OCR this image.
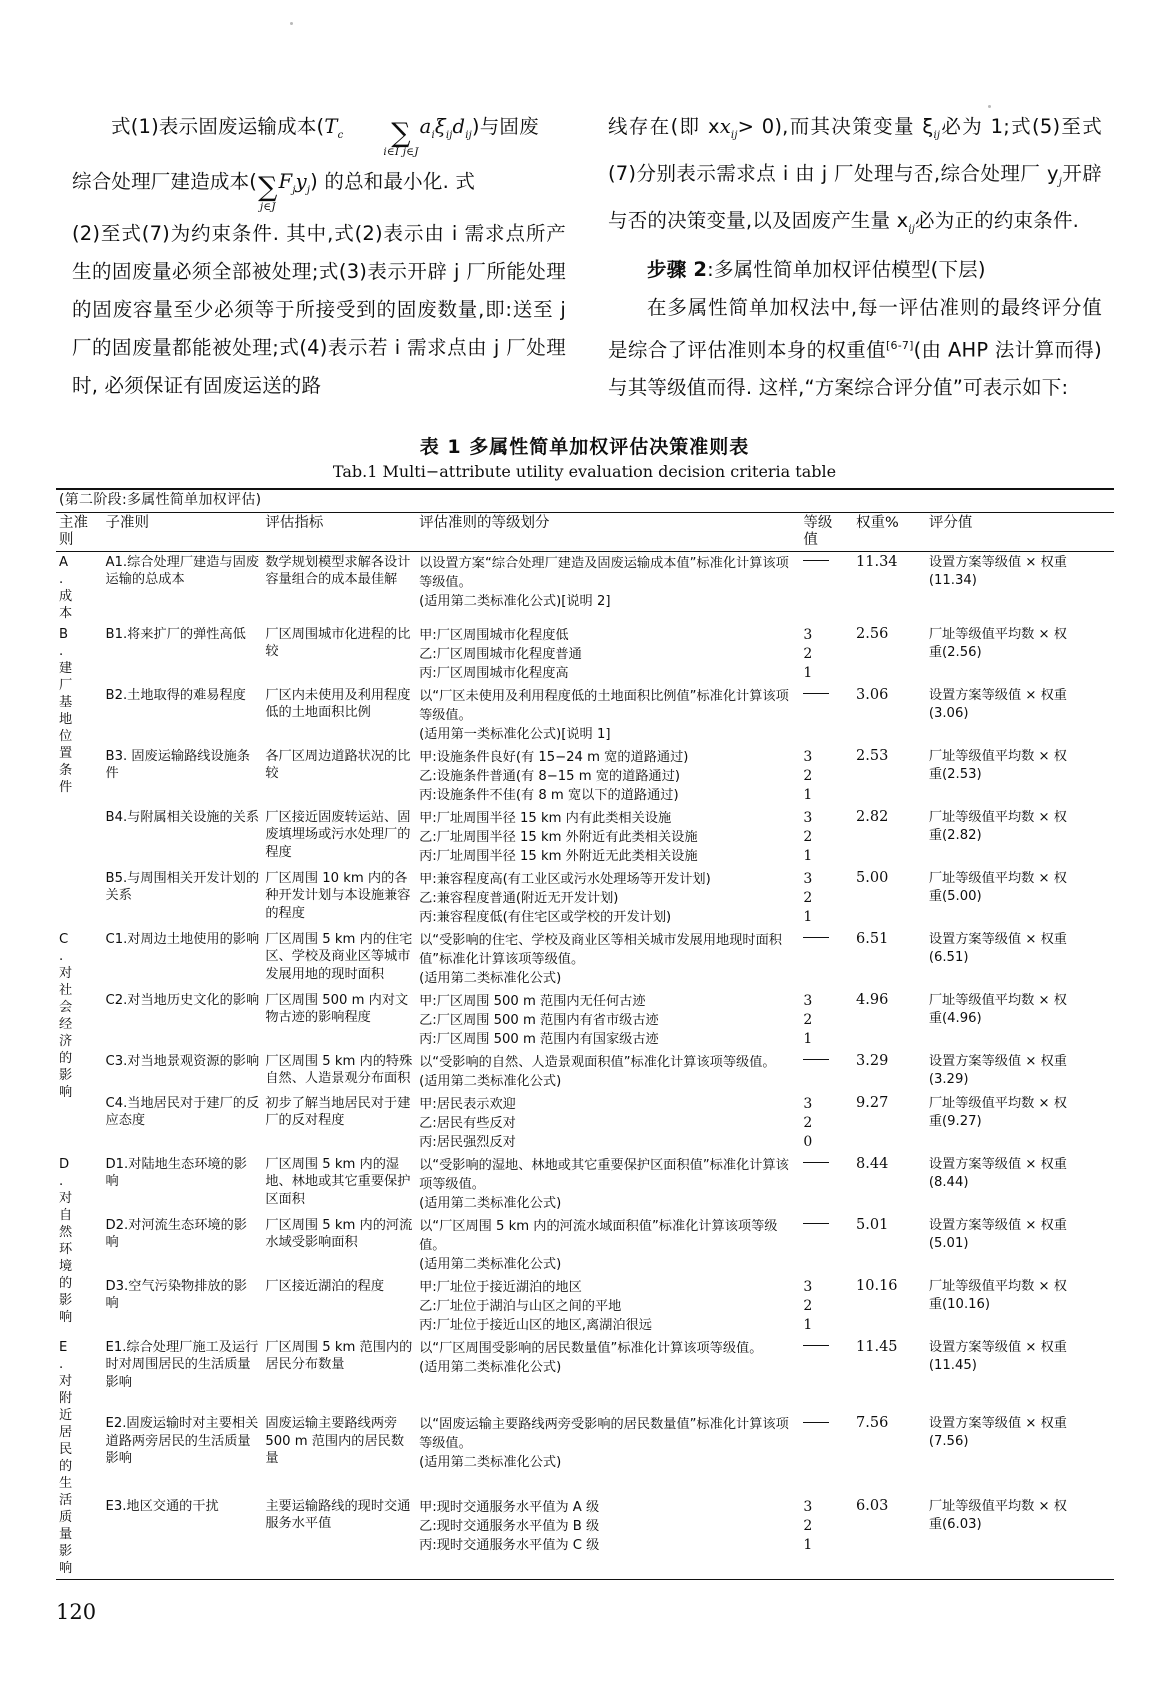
式(1)表示固废运输成本($T_c$	∑
i∈I j∈J
$a_i\xi_{ij}d_{ij}$)与固废
综合处理厂建造成本( ∑
j∈J
$F_jy_j$) 的总和最小化. 式
(2)至式(7)为约束条件. 其中,式(2)表示由 i 需求点所产生的固废量必须全部被处理;式(3)表示开辟 j 厂所能处理的固废容量至少必须等于所接受到的固废数量,即:送至 j 厂的固废量都能被处理;式(4)表示若 i 需求点由 j 厂处理时, 必须保证有固废运送的路
线存在(即 $xx_{ij}> 0$),而其决策变量 $\xi_{ij}$必为 1;式(5)至式(7)分别表示需求点 i 由 j 厂处理与否,综合处理厂 $y_j$开辟与否的决策变量,以及固废产生量 $x_{ij}$必为正的约束条件.
步骤 2:多属性简单加权评估模型(下层)
在多属性简单加权法中,每一评估准则的最终评分值是综合了评估准则本身的权重值[6-7](由 AHP 法计算而得) 与其等级值而得. 这样,“方案综合评分值”可表示如下:
表 1 多属性简单加权评估决策准则表
Tab.1 Multi−attribute utility evaluation decision criteria table
(第二阶段:多属性简单加权评估)						
主准
则	子准则	评估指标	评估准则的等级划分	等级
值	权重%	评分值
A
.
成
本	A1.综合处理厂建造与固废运输的总成本	数学规划模型求解各设计容量组合的成本最佳解	以设置方案“综合处理厂建造及固废运输成本值”标准化计算该项等级值。
(适用第二类标准化公式)[说明 2]		11.34	设置方案等级值 × 权重
(11.34)
B
.
建
厂
基
地
位
置
条
件	B1.将来扩厂的弹性高低	厂区周围城市化进程的比较	甲:厂区周围城市化程度低
乙:厂区周围城市化程度普通
丙:厂区周围城市化程度高	3
2
1	2.56	厂址等级值平均数 × 权
重(2.56)
	B2.土地取得的难易程度	厂区内未使用及利用程度低的土地面积比例	以“厂区未使用及利用程度低的土地面积比例值”标准化计算该项等级值。
(适用第一类标准化公式)[说明 1]		3.06	设置方案等级值 × 权重
(3.06)
	B3. 固废运输路线设施条件	各厂区周边道路状况的比较	甲:设施条件良好(有 15−24 m 宽的道路通过)
乙:设施条件普通(有 8−15 m 宽的道路通过)
丙:设施条件不佳(有 8 m 宽以下的道路通过)	3
2
1	2.53	厂址等级值平均数 × 权
重(2.53)
	B4.与附属相关设施的关系	厂区接近固废转运站、固废填埋场或污水处理厂的程度	甲:厂址周围半径 15 km 内有此类相关设施
乙:厂址周围半径 15 km 外附近有此类相关设施
丙:厂址周围半径 15 km 外附近无此类相关设施	3
2
1	2.82	厂址等级值平均数 × 权
重(2.82)
	B5.与周围相关开发计划的关系	厂区周围 10 km 内的各种开发计划与本设施兼容的程度	甲:兼容程度高(有工业区或污水处理场等开发计划)
乙:兼容程度普通(附近无开发计划)
丙:兼容程度低(有住宅区或学校的开发计划)	3
2
1	5.00	厂址等级值平均数 × 权
重(5.00)
C
.
对
社
会
经
济
的
影
响	C1.对周边土地使用的影响	厂区周围 5 km 内的住宅区、学校及商业区等城市发展用地的现时面积	以“受影响的住宅、学校及商业区等相关城市发展用地现时面积值”标准化计算该项等级值。
(适用第二类标准化公式)		6.51	设置方案等级值 × 权重
(6.51)
	C2.对当地历史文化的影响	厂区周围 500 m 内对文物古迹的影响程度	甲:厂区周围 500 m 范围内无任何古迹
乙:厂区周围 500 m 范围内有省市级古迹
丙:厂区周围 500 m 范围内有国家级古迹	3
2
1	4.96	厂址等级值平均数 × 权
重(4.96)
	C3.对当地景观资源的影响	厂区周围 5 km 内的特殊自然、人造景观分布面积	以“受影响的自然、人造景观面积值”标准化计算该项等级值。
(适用第二类标准化公式)		3.29	设置方案等级值 × 权重
(3.29)
	C4.当地居民对于建厂的反应态度	初步了解当地居民对于建厂的反对程度	甲:居民表示欢迎
乙:居民有些反对
丙:居民强烈反对	3
2
0	9.27	厂址等级值平均数 × 权
重(9.27)
D
.
对
自
然
环
境
的
影
响	D1.对陆地生态环境的影响	厂区周围 5 km 内的湿地、林地或其它重要保护区面积	以“受影响的湿地、林地或其它重要保护区面积值”标准化计算该项等级值。
(适用第二类标准化公式)		8.44	设置方案等级值 × 权重
(8.44)
	D2.对河流生态环境的影响	厂区周围 5 km 内的河流水域受影响面积	以“厂区周围 5 km 内的河流水域面积值”标准化计算该项等级值。
(适用第二类标准化公式)		5.01	设置方案等级值 × 权重
(5.01)
	D3.空气污染物排放的影响	厂区接近湖泊的程度	甲:厂址位于接近湖泊的地区
乙:厂址位于湖泊与山区之间的平地
丙:厂址位于接近山区的地区,离湖泊很远	3
2
1	10.16	厂址等级值平均数 × 权
重(10.16)
E
.
对
附
近
居
民
的
生
活
质
量
影
响	E1.综合处理厂施工及运行时对周围居民的生活质量影响	厂区周围 5 km 范围内的居民分布数量	以“厂区周围受影响的居民数量值”标准化计算该项等级值。
(适用第二类标准化公式)		11.45	设置方案等级值 × 权重
(11.45)
	E2.固废运输时对主要相关道路两旁居民的生活质量影响	固废运输主要路线两旁 500 m 范围内的居民数量	以“固废运输主要路线两旁受影响的居民数量值”标准化计算该项等级值。
(适用第二类标准化公式)		7.56	设置方案等级值 × 权重
(7.56)
	E3.地区交通的干扰	主要运输路线的现时交通服务水平值	甲:现时交通服务水平值为 A 级
乙:现时交通服务水平值为 B 级
丙:现时交通服务水平值为 C 级	3
2
1	6.03	厂址等级值平均数 × 权
重(6.03)
120
